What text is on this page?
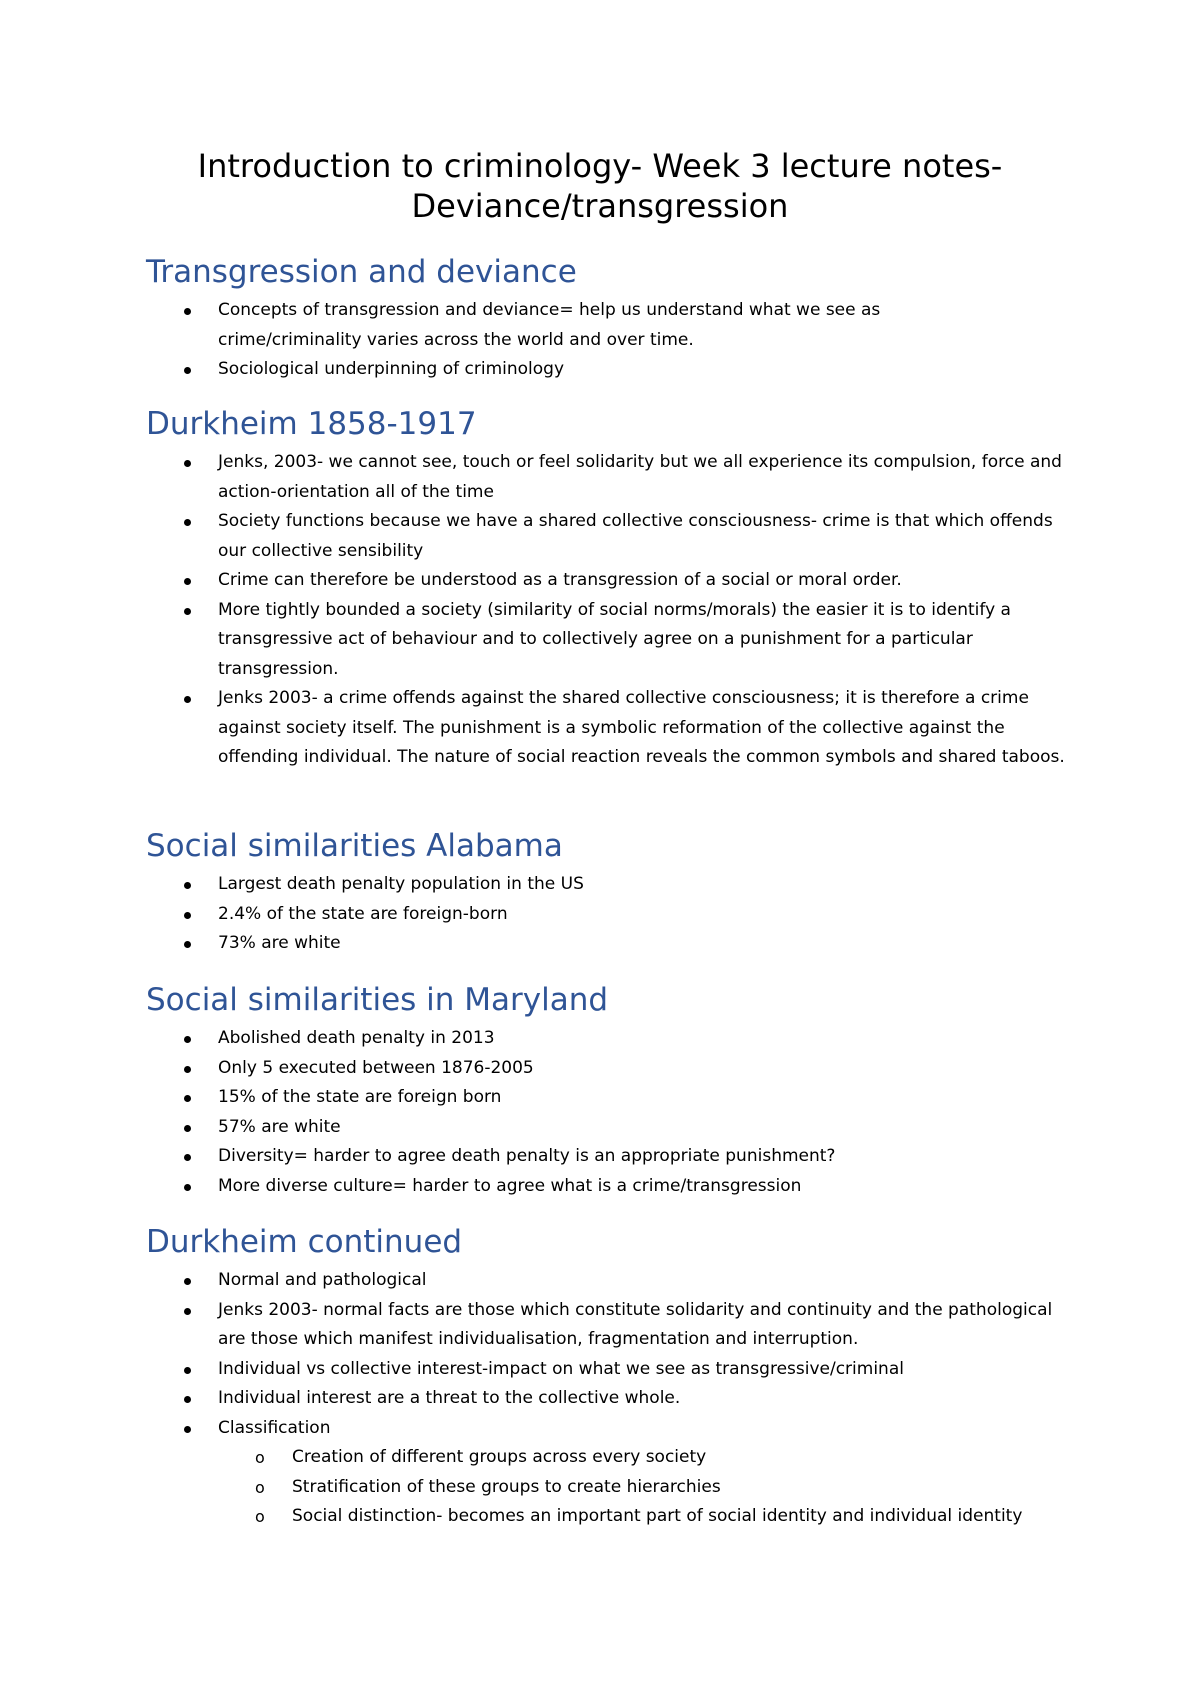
Introduction to criminology- Week 3 lecture notes-
Deviance/transgression
Transgression and deviance
Concepts of transgression and deviance= help us understand what we see as crime/criminality varies across the world and over time.
Sociological underpinning of criminology
Durkheim 1858-1917
Jenks, 2003- we cannot see, touch or feel solidarity but we all experience its compulsion, force and action-orientation all of the time
Society functions because we have a shared collective consciousness- crime is that which offends our collective sensibility
Crime can therefore be understood as a transgression of a social or moral order.
More tightly bounded a society (similarity of social norms/morals) the easier it is to identify a transgressive act of behaviour and to collectively agree on a punishment for a particular transgression.
Jenks 2003- a crime offends against the shared collective consciousness; it is therefore a crime against society itself. The punishment is a symbolic reformation of the collective against the offending individual. The nature of social reaction reveals the common symbols and shared taboos.
Social similarities Alabama
Largest death penalty population in the US
2.4% of the state are foreign-born
73% are white
Social similarities in Maryland
Abolished death penalty in 2013
Only 5 executed between 1876-2005
15% of the state are foreign born
57% are white
Diversity= harder to agree death penalty is an appropriate punishment?
More diverse culture= harder to agree what is a crime/transgression
Durkheim continued
Normal and pathological
Jenks 2003- normal facts are those which constitute solidarity and continuity and the pathological are those which manifest individualisation, fragmentation and interruption.
Individual vs collective interest-impact on what we see as transgressive/criminal
Individual interest are a threat to the collective whole.
Classification
o Creation of different groups across every society
o Stratification of these groups to create hierarchies
o Social distinction- becomes an important part of social identity and individual identity
